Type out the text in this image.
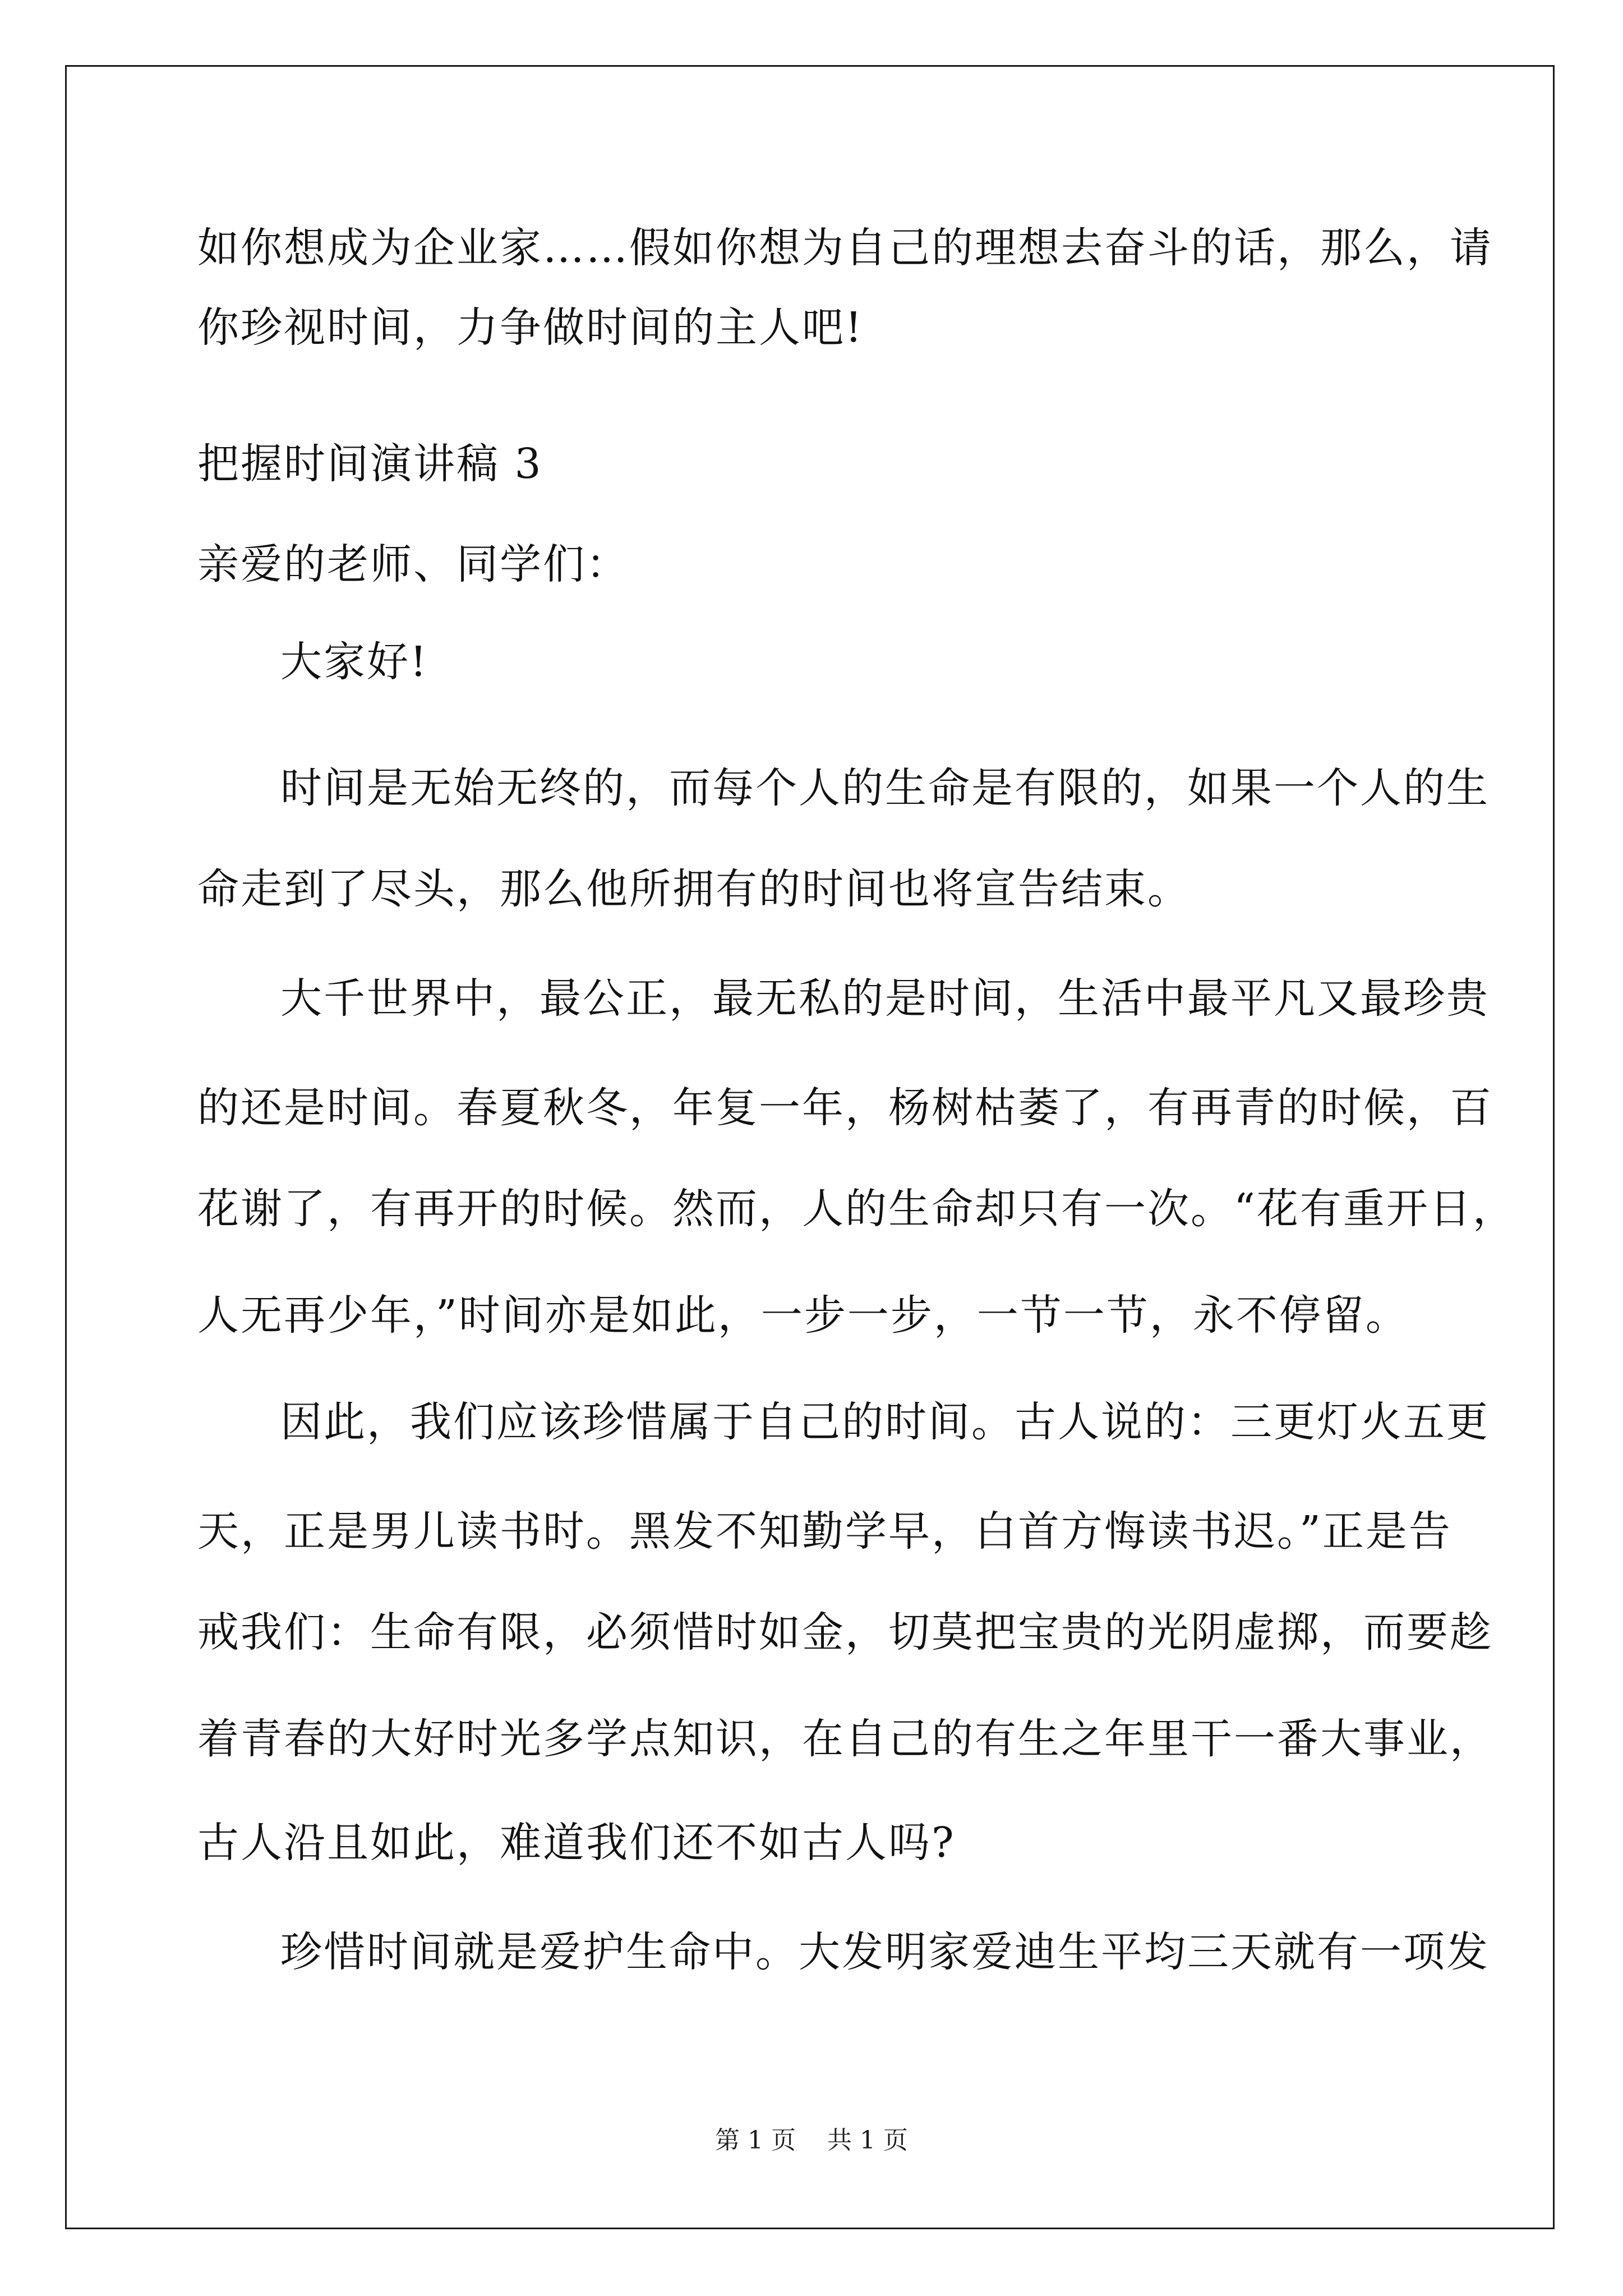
如你想成为企业家……假如你想为自己的理想去奋斗的话，那么，请
你珍视时间，力争做时间的主人吧!
把握时间演讲稿 3
亲爱的老师、同学们：
大家好!
时间是无始无终的，而每个人的生命是有限的，如果一个人的生
命走到了尽头，那么他所拥有的时间也将宣告结束。
大千世界中，最公正，最无私的是时间，生活中最平凡又最珍贵
的还是时间。春夏秋冬，年复一年，杨树枯萎了，有再青的时候，百
花谢了，有再开的时候。然而，人的生命却只有一次。“花有重开日，
人无再少年，”时间亦是如此，一步一步，一节一节，永不停留。
因此，我们应该珍惜属于自己的时间。古人说的：三更灯火五更
天，正是男儿读书时。黑发不知勤学早，白首方悔读书迟。”正是告
戒我们：生命有限，必须惜时如金，切莫把宝贵的光阴虚掷，而要趁
着青春的大好时光多学点知识，在自己的有生之年里干一番大事业，
古人沿且如此，难道我们还不如古人吗?
珍惜时间就是爱护生命中。大发明家爱迪生平均三天就有一项发
第 1 页    共 1 页
